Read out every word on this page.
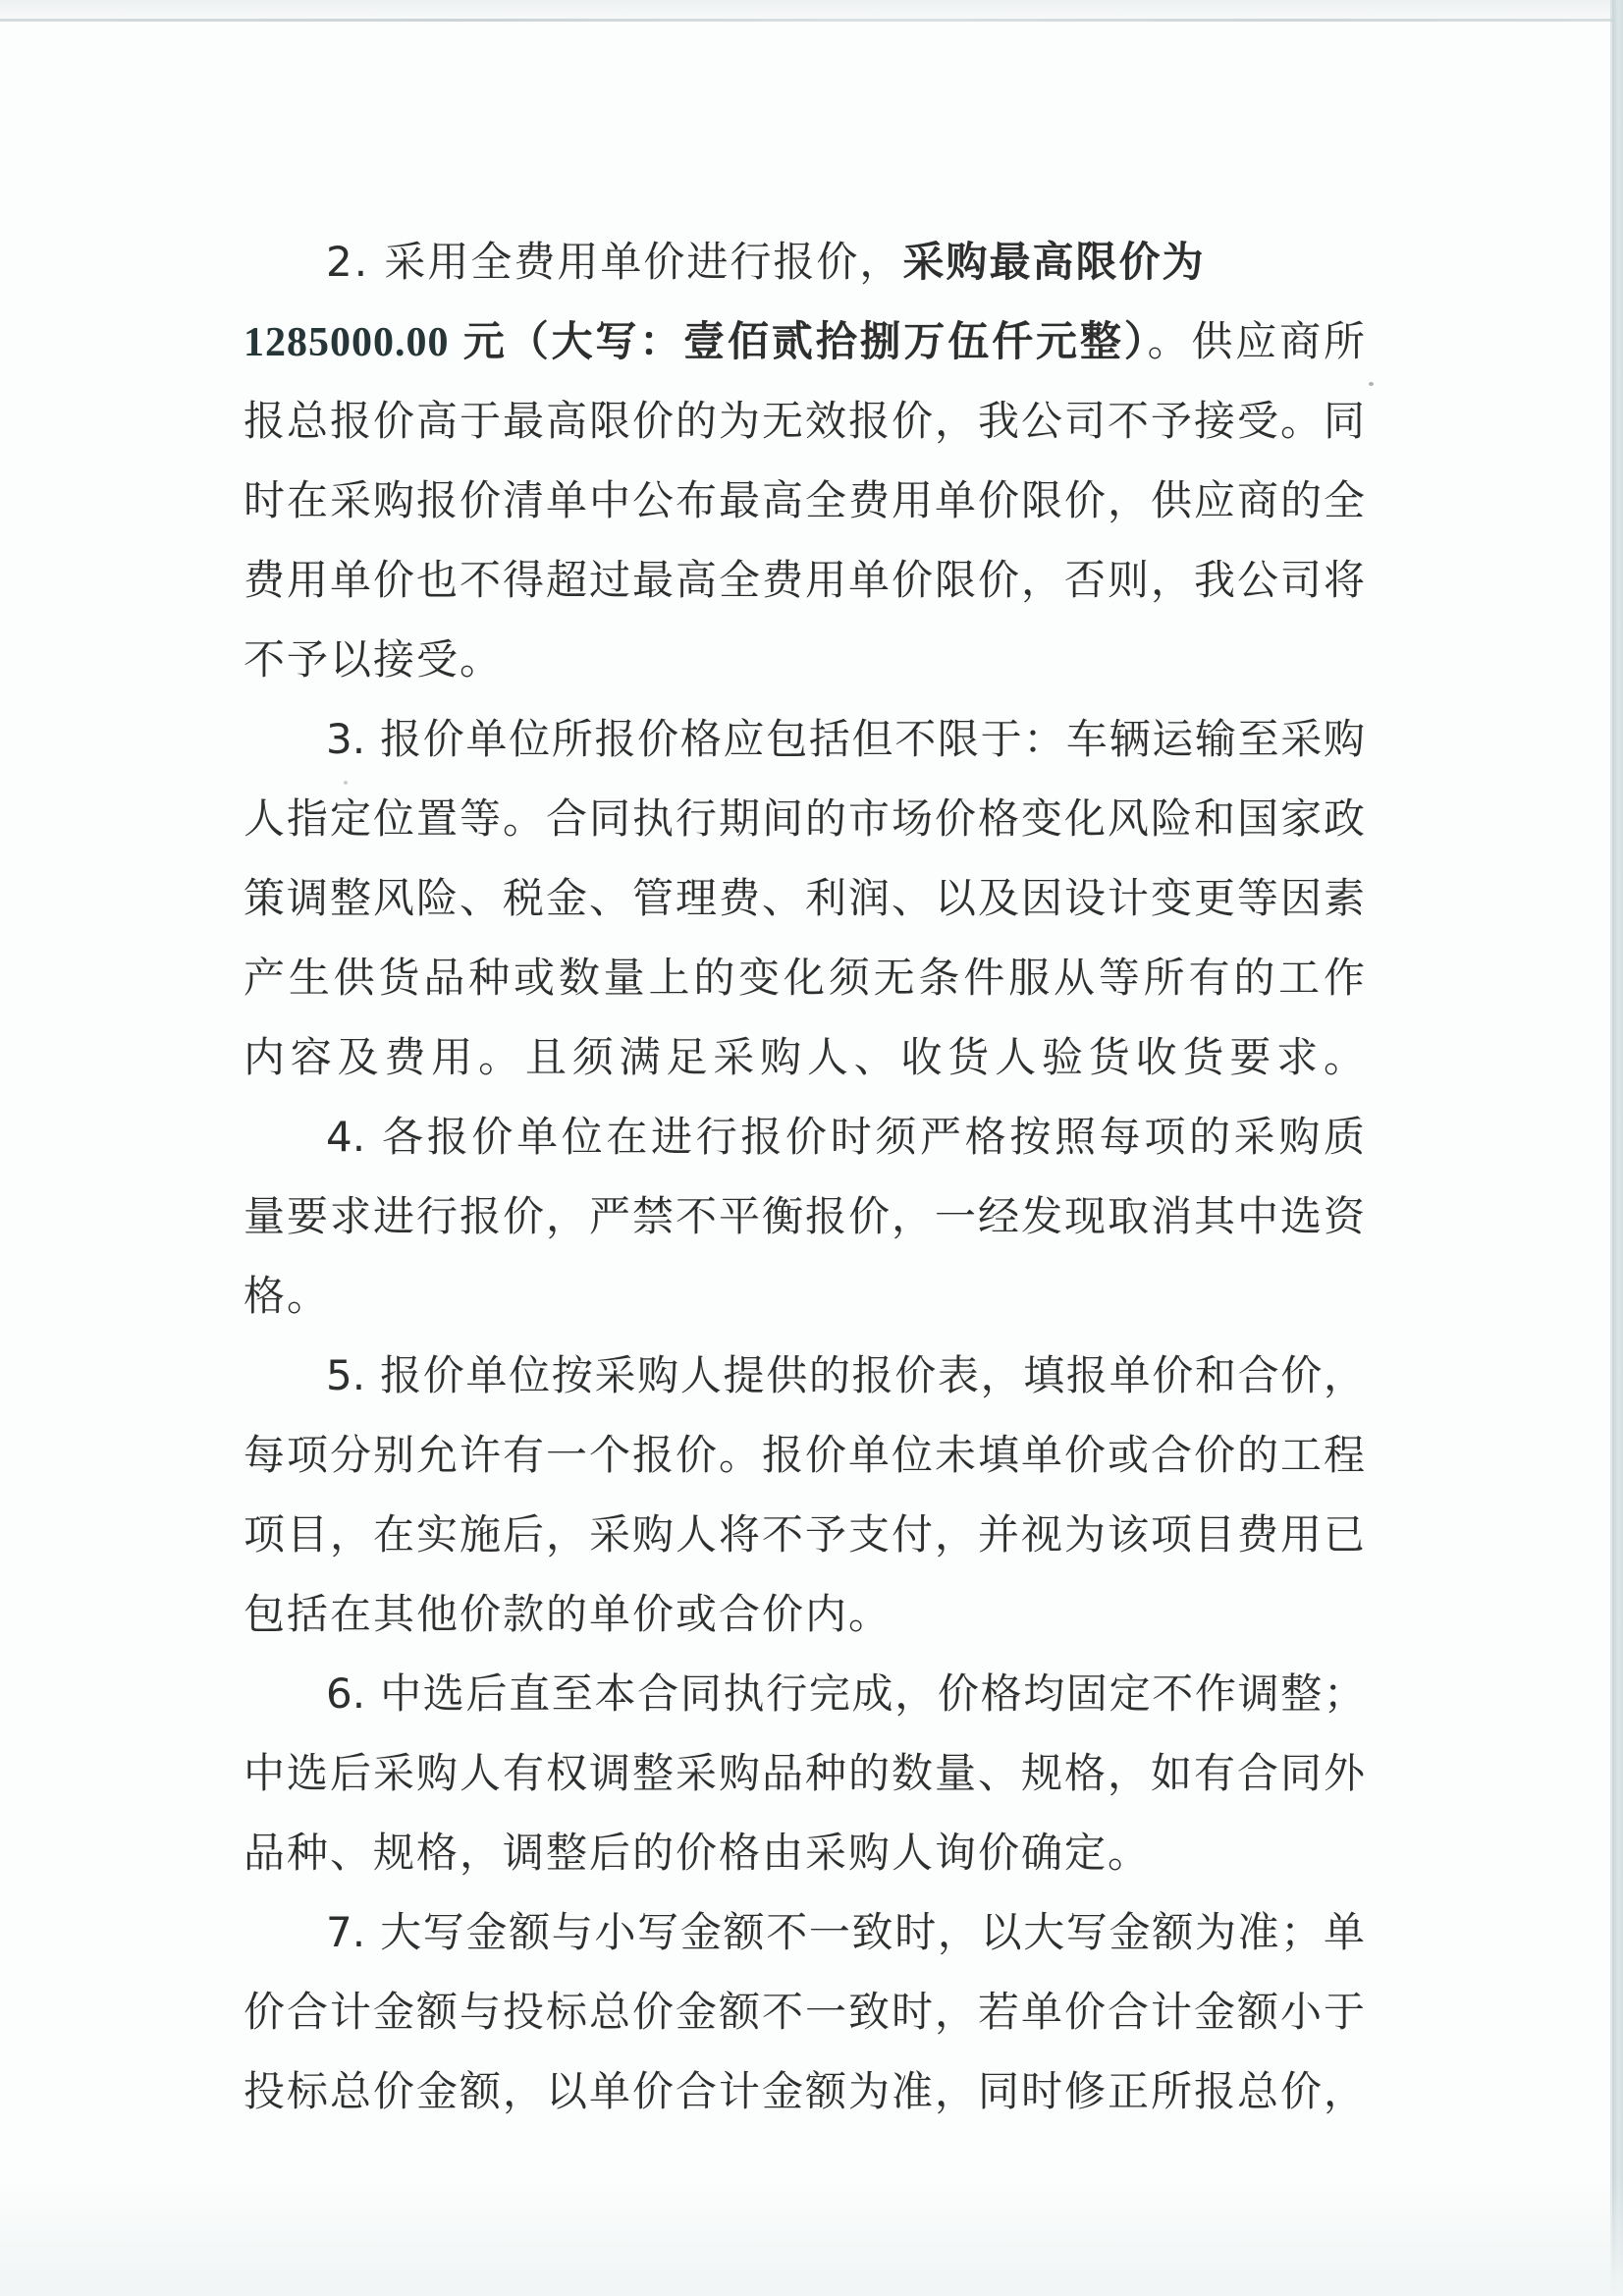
2. 采用全费用单价进行报价，采购最高限价为
1285000.00 元（大写：壹佰贰拾捌万伍仟元整）。供应商所
报总报价高于最高限价的为无效报价，我公司不予接受。同
时在采购报价清单中公布最高全费用单价限价，供应商的全
费用单价也不得超过最高全费用单价限价，否则，我公司将
不予以接受。
3. 报价单位所报价格应包括但不限于：车辆运输至采购
人指定位置等。合同执行期间的市场价格变化风险和国家政
策调整风险、税金、管理费、利润、以及因设计变更等因素
产生供货品种或数量上的变化须无条件服从等所有的工作
内容及费用。且须满足采购人、收货人验货收货要求。
4. 各报价单位在进行报价时须严格按照每项的采购质
量要求进行报价，严禁不平衡报价，一经发现取消其中选资
格。
5. 报价单位按采购人提供的报价表，填报单价和合价，
每项分别允许有一个报价。报价单位未填单价或合价的工程
项目，在实施后，采购人将不予支付，并视为该项目费用已
包括在其他价款的单价或合价内。
6. 中选后直至本合同执行完成，价格均固定不作调整；
中选后采购人有权调整采购品种的数量、规格，如有合同外
品种、规格，调整后的价格由采购人询价确定。
7. 大写金额与小写金额不一致时，以大写金额为准；单
价合计金额与投标总价金额不一致时，若单价合计金额小于
投标总价金额，以单价合计金额为准，同时修正所报总价，
